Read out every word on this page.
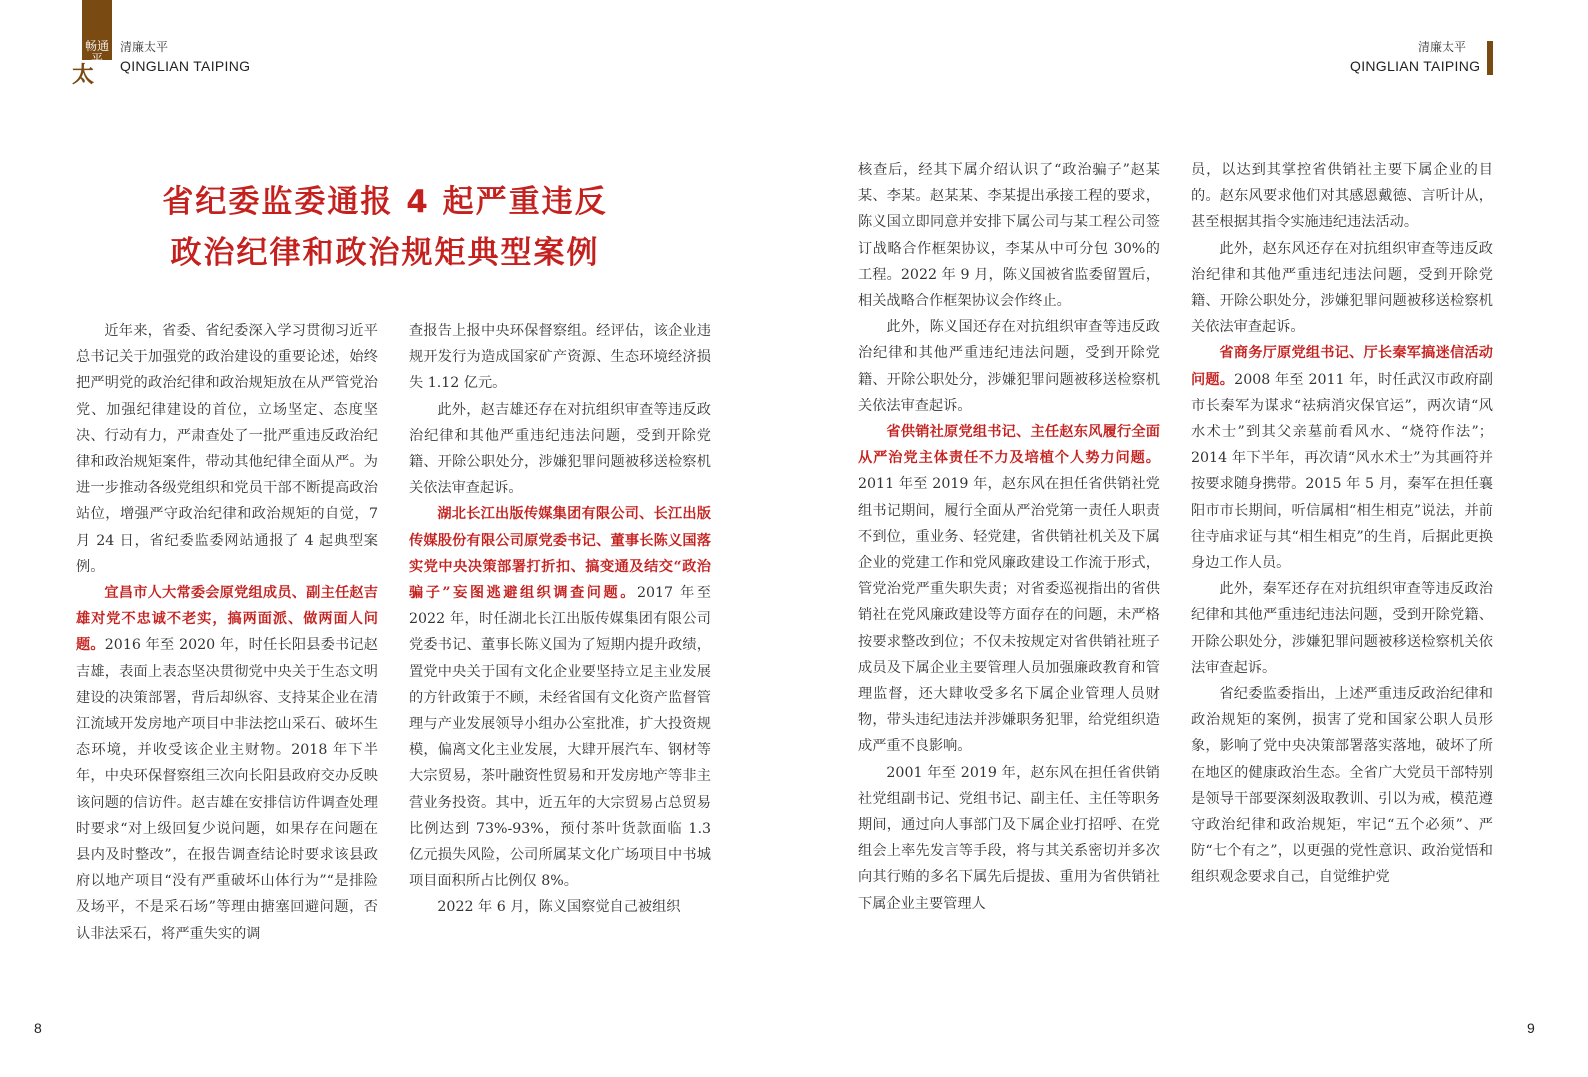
畅通
平
太
清廉太平
QINGLIAN TAIPING
清廉太平
QINGLIAN TAIPING
省纪委监委通报 4 起严重违反
政治纪律和政治规矩典型案例

近年来，省委、省纪委深入学习贯彻习近平总书记关于加强党的政治建设的重要论述，始终把严明党的政治纪律和政治规矩放在从严管党治党、加强纪律建设的首位，立场坚定、态度坚决、行动有力，严肃查处了一批严重违反政治纪律和政治规矩案件，带动其他纪律全面从严。为进一步推动各级党组织和党员干部不断提高政治站位，增强严守政治纪律和政治规矩的自觉，7 月 24 日，省纪委监委网站通报了 4 起典型案例。

宜昌市人大常委会原党组成员、副主任赵吉雄对党不忠诚不老实，搞两面派、做两面人问题。2016 年至 2020 年，时任长阳县委书记赵吉雄，表面上表态坚决贯彻党中央关于生态文明建设的决策部署，背后却纵容、支持某企业在清江流域开发房地产项目中非法挖山采石、破坏生态环境，并收受该企业主财物。2018 年下半年，中央环保督察组三次向长阳县政府交办反映该问题的信访件。赵吉雄在安排信访件调查处理时要求“对上级回复少说问题，如果存在问题在县内及时整改”，在报告调查结论时要求该县政府以地产项目“没有严重破坏山体行为”“是排险及场平，不是采石场”等理由搪塞回避问题，否认非法采石，将严重失实的调

查报告上报中央环保督察组。经评估，该企业违规开发行为造成国家矿产资源、生态环境经济损失 1.12 亿元。

此外，赵吉雄还存在对抗组织审查等违反政治纪律和其他严重违纪违法问题，受到开除党籍、开除公职处分，涉嫌犯罪问题被移送检察机关依法审查起诉。

湖北长江出版传媒集团有限公司、长江出版传媒股份有限公司原党委书记、董事长陈义国落实党中央决策部署打折扣、搞变通及结交“政治骗子”妄图逃避组织调查问题。2017 年至 2022 年，时任湖北长江出版传媒集团有限公司党委书记、董事长陈义国为了短期内提升政绩，置党中央关于国有文化企业要坚持立足主业发展的方针政策于不顾，未经省国有文化资产监督管理与产业发展领导小组办公室批准，扩大投资规模，偏离文化主业发展，大肆开展汽车、钢材等大宗贸易，茶叶融资性贸易和开发房地产等非主营业务投资。其中，近五年的大宗贸易占总贸易比例达到 73%-93%，预付茶叶货款面临 1.3 亿元损失风险，公司所属某文化广场项目中书城项目面积所占比例仅 8%。

2022 年 6 月，陈义国察觉自己被组织

核查后，经其下属介绍认识了“政治骗子”赵某某、李某。赵某某、李某提出承接工程的要求，陈义国立即同意并安排下属公司与某工程公司签订战略合作框架协议，李某从中可分包 30%的工程。2022 年 9 月，陈义国被省监委留置后，相关战略合作框架协议会作终止。

此外，陈义国还存在对抗组织审查等违反政治纪律和其他严重违纪违法问题，受到开除党籍、开除公职处分，涉嫌犯罪问题被移送检察机关依法审查起诉。

省供销社原党组书记、主任赵东风履行全面从严治党主体责任不力及培植个人势力问题。2011 年至 2019 年，赵东风在担任省供销社党组书记期间，履行全面从严治党第一责任人职责不到位，重业务、轻党建，省供销社机关及下属企业的党建工作和党风廉政建设工作流于形式，管党治党严重失职失责；对省委巡视指出的省供销社在党风廉政建设等方面存在的问题，未严格按要求整改到位；不仅未按规定对省供销社班子成员及下属企业主要管理人员加强廉政教育和管理监督，还大肆收受多名下属企业管理人员财物，带头违纪违法并涉嫌职务犯罪，给党组织造成严重不良影响。

2001 年至 2019 年，赵东风在担任省供销社党组副书记、党组书记、副主任、主任等职务期间，通过向人事部门及下属企业打招呼、在党组会上率先发言等手段，将与其关系密切并多次向其行贿的多名下属先后提拔、重用为省供销社下属企业主要管理人

员，以达到其掌控省供销社主要下属企业的目的。赵东风要求他们对其感恩戴德、言听计从，甚至根据其指令实施违纪违法活动。

此外，赵东风还存在对抗组织审查等违反政治纪律和其他严重违纪违法问题，受到开除党籍、开除公职处分，涉嫌犯罪问题被移送检察机关依法审查起诉。

省商务厅原党组书记、厅长秦军搞迷信活动问题。2008 年至 2011 年，时任武汉市政府副市长秦军为谋求“祛病消灾保官运”，两次请“风水术士”到其父亲墓前看风水、“烧符作法”；2014 年下半年，再次请“风水术士”为其画符并按要求随身携带。2015 年 5 月，秦军在担任襄阳市市长期间，听信属相“相生相克”说法，并前往寺庙求证与其“相生相克”的生肖，后据此更换身边工作人员。

此外，秦军还存在对抗组织审查等违反政治纪律和其他严重违纪违法问题，受到开除党籍、开除公职处分，涉嫌犯罪问题被移送检察机关依法审查起诉。

省纪委监委指出，上述严重违反政治纪律和政治规矩的案例，损害了党和国家公职人员形象，影响了党中央决策部署落实落地，破坏了所在地区的健康政治生态。全省广大党员干部特别是领导干部要深刻汲取教训、引以为戒，模范遵守政治纪律和政治规矩，牢记“五个必须”、严防“七个有之”，以更强的党性意识、政治觉悟和组织观念要求自己，自觉维护党

8	9
